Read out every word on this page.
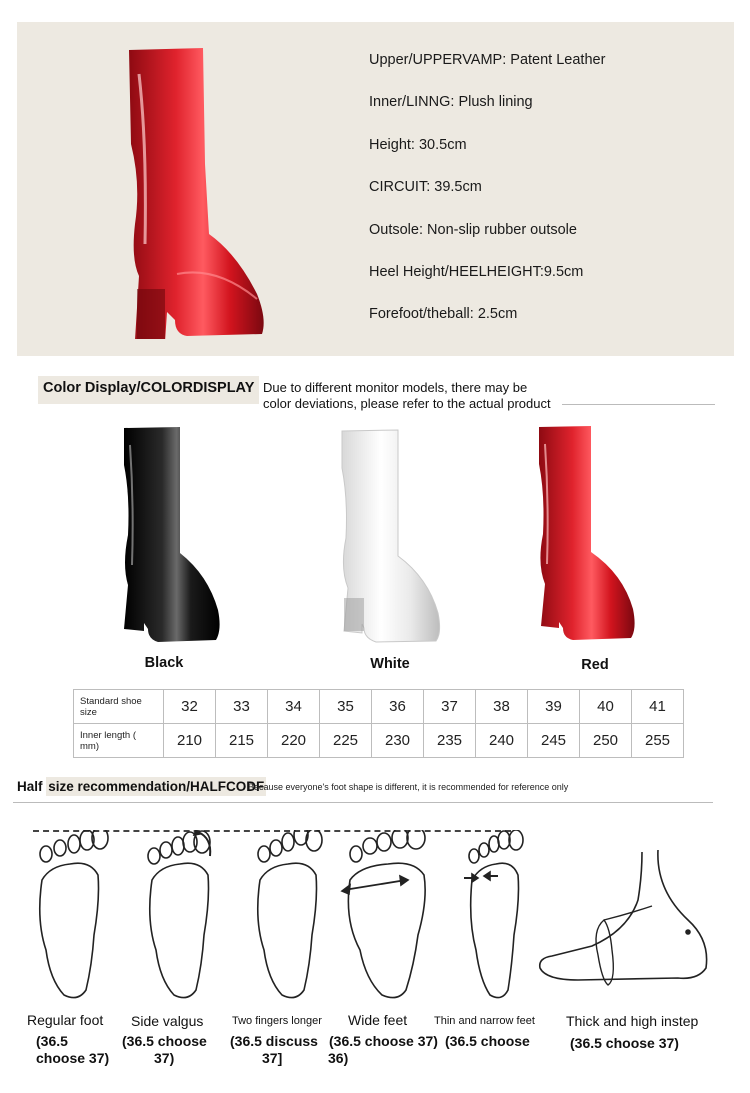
Upper/UPPERVAMP: Patent Leather
Inner/LINNG: Plush lining
Height: 30.5cm
CIRCUIT: 39.5cm
Outsole: Non-slip rubber outsole
Heel Height/HEELHEIGHT:9.5cm
Forefoot/theball: 2.5cm
Color Display/COLORDISPLAY Due to different monitor models, there may be
color deviations, please refer to the actual product
Black	White	Red
Standard shoe
size	32	33	34	35	36	37	38	39	40	41
Inner length (
mm)	210	215	220	225	230	235	240	245	250	255
Half size recommendation/HALFCODF
Because everyone's foot shape is different, it is recommended for reference only
Regular foot
(36.5
choose 37)
Side valgus
(36.5 choose
37)
Two fingers longer
(36.5 discuss
37]
Wide feet
(36.5 choose 37)
Thin and narrow feet
(36.5 choose
36)
Thick and high instep
(36.5 choose 37)
